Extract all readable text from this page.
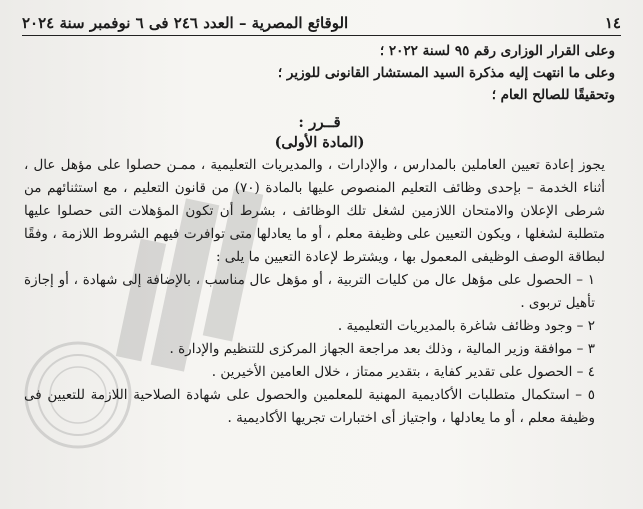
١٤
الوقائع المصرية – العدد ٢٤٦ فى ٦ نوفمبر سنة ٢٠٢٤

وعلى القرار الوزارى رقم ٩٥ لسنة ٢٠٢٢ ؛

وعلى ما انتهت إليه مذكرة السيد المستشار القانونى للوزير ؛

وتحقيقًا للصالح العام ؛

قــرر :

(المادة الأولى)

يجوز إعادة تعيين العاملين بالمدارس ، والإدارات ، والمديريات التعليمية ، ممـن حصلوا على مؤهل عال ، أثناء الخدمة – بإحدى وظائف التعليم المنصوص عليها بالمادة (٧٠) من قانون التعليم ، مع استثنائهم من شرطى الإعلان والامتحان اللازمين لشغل تلك الوظائف ، بشرط أن تكون المؤهلات التى حصلوا عليها متطلبة لشغلها ، ويكون التعيين على وظيفة معلم ، أو ما يعادلها متى توافرت فيهم الشروط اللازمة ، وفقًا لبطاقة الوصف الوظيفى المعمول بها ، ويشترط لإعادة التعيين ما يلى :

١ – الحصول على مؤهل عال من كليات التربية ، أو مؤهل عال مناسب ، بالإضافة إلى شهادة ، أو إجازة تأهيل تربوى .

٢ – وجود وظائف شاغرة بالمديريات التعليمية .

٣ – موافقة وزير المالية ، وذلك بعد مراجعة الجهاز المركزى للتنظيم والإدارة .

٤ – الحصول على تقدير كفاية ، بتقدير ممتاز ، خلال العامين الأخيرين .

٥ – استكمال متطلبات الأكاديمية المهنية للمعلمين والحصول على شهادة الصلاحية اللازمة للتعيين فى وظيفة معلم ، أو ما يعادلها ، واجتياز أى اختبارات تجريها الأكاديمية .
